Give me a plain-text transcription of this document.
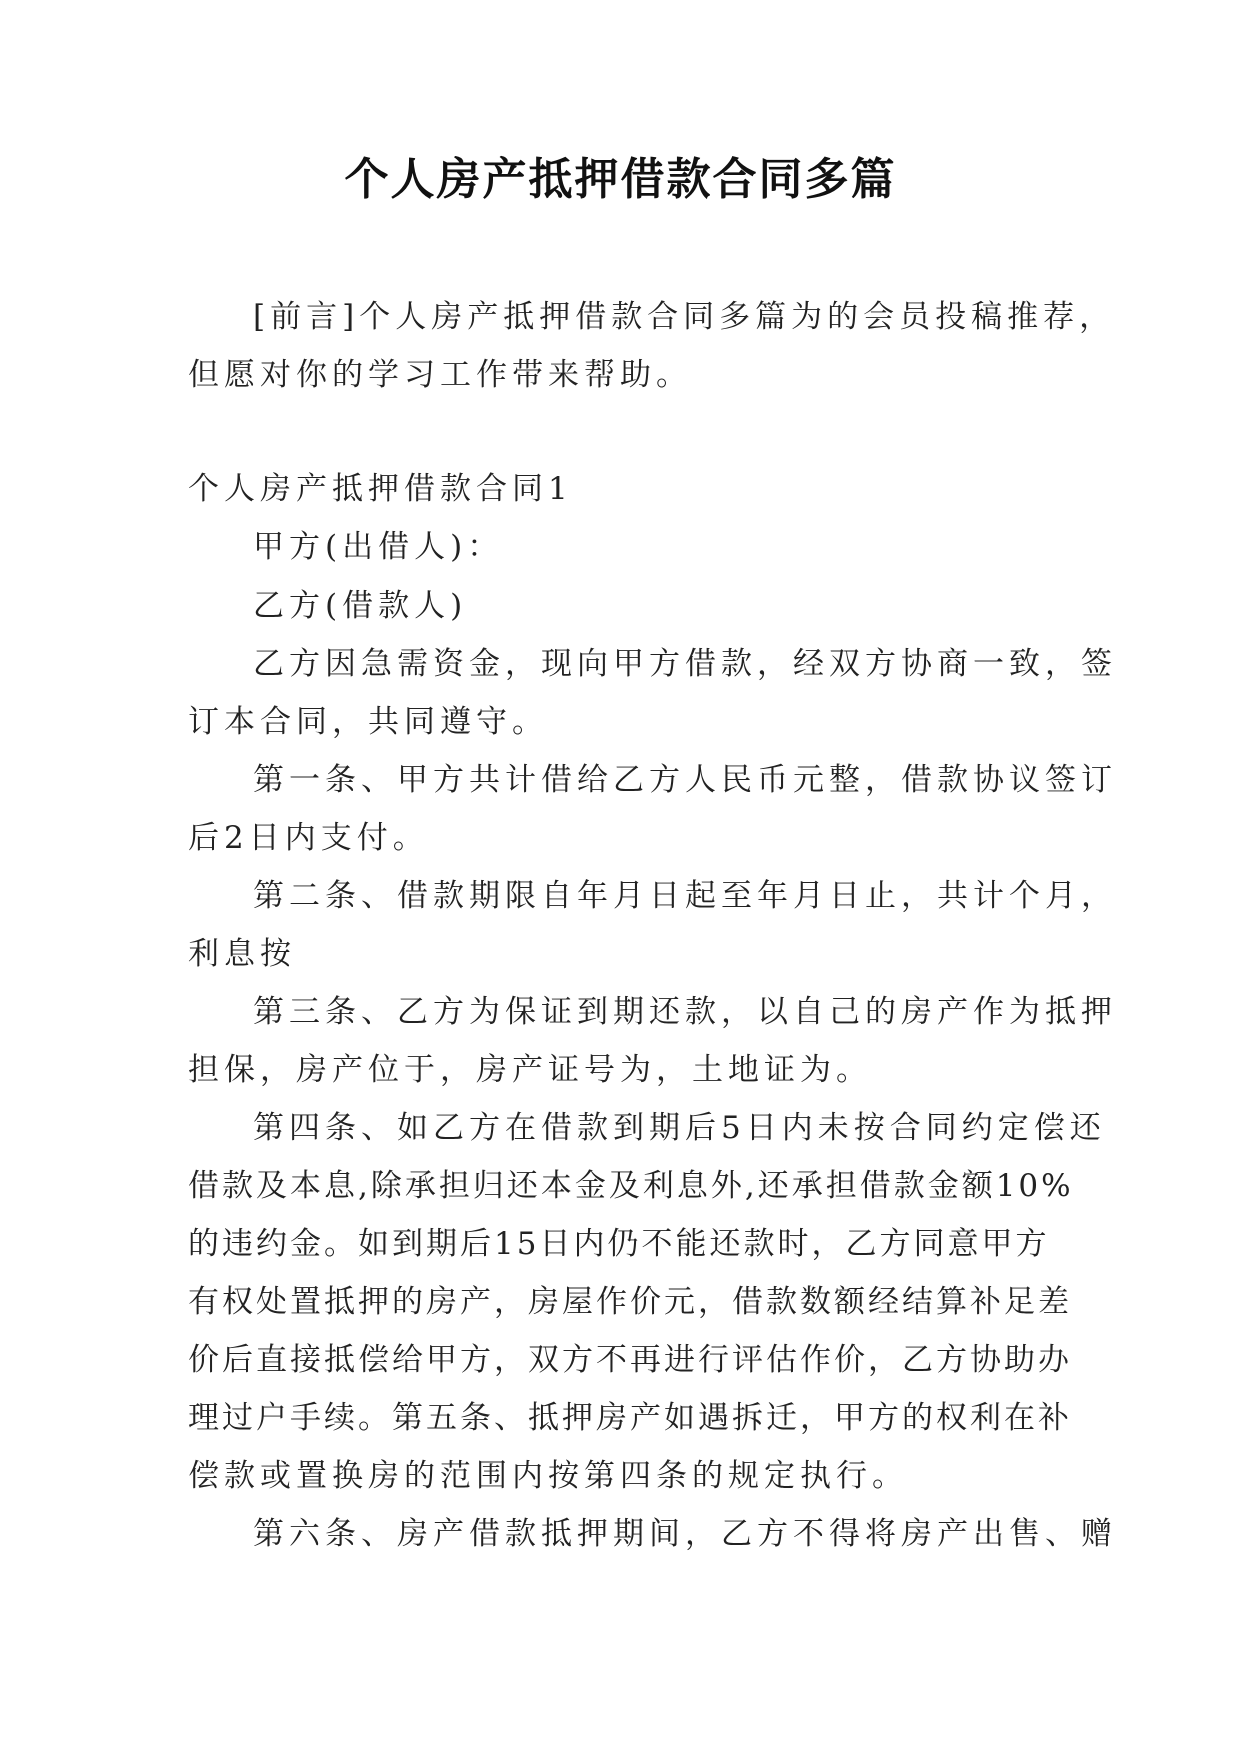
个人房产抵押借款合同多篇
[前言]个人房产抵押借款合同多篇为的会员投稿推荐，
但愿对你的学习工作带来帮助。
个人房产抵押借款合同1
甲方(出借人)：
乙方(借款人)
乙方因急需资金，现向甲方借款，经双方协商一致，签
订本合同，共同遵守。
第一条、甲方共计借给乙方人民币元整，借款协议签订
后2日内支付。
第二条、借款期限自年月日起至年月日止，共计个月，
利息按
第三条、乙方为保证到期还款，以自己的房产作为抵押
担保，房产位于，房产证号为，土地证为。
第四条、如乙方在借款到期后5日内未按合同约定偿还
借款及本息,除承担归还本金及利息外,还承担借款金额10%
的违约金。如到期后15日内仍不能还款时，乙方同意甲方
有权处置抵押的房产，房屋作价元，借款数额经结算补足差
价后直接抵偿给甲方，双方不再进行评估作价，乙方协助办
理过户手续。第五条、抵押房产如遇拆迁，甲方的权利在补
偿款或置换房的范围内按第四条的规定执行。
第六条、房产借款抵押期间，乙方不得将房产出售、赠
